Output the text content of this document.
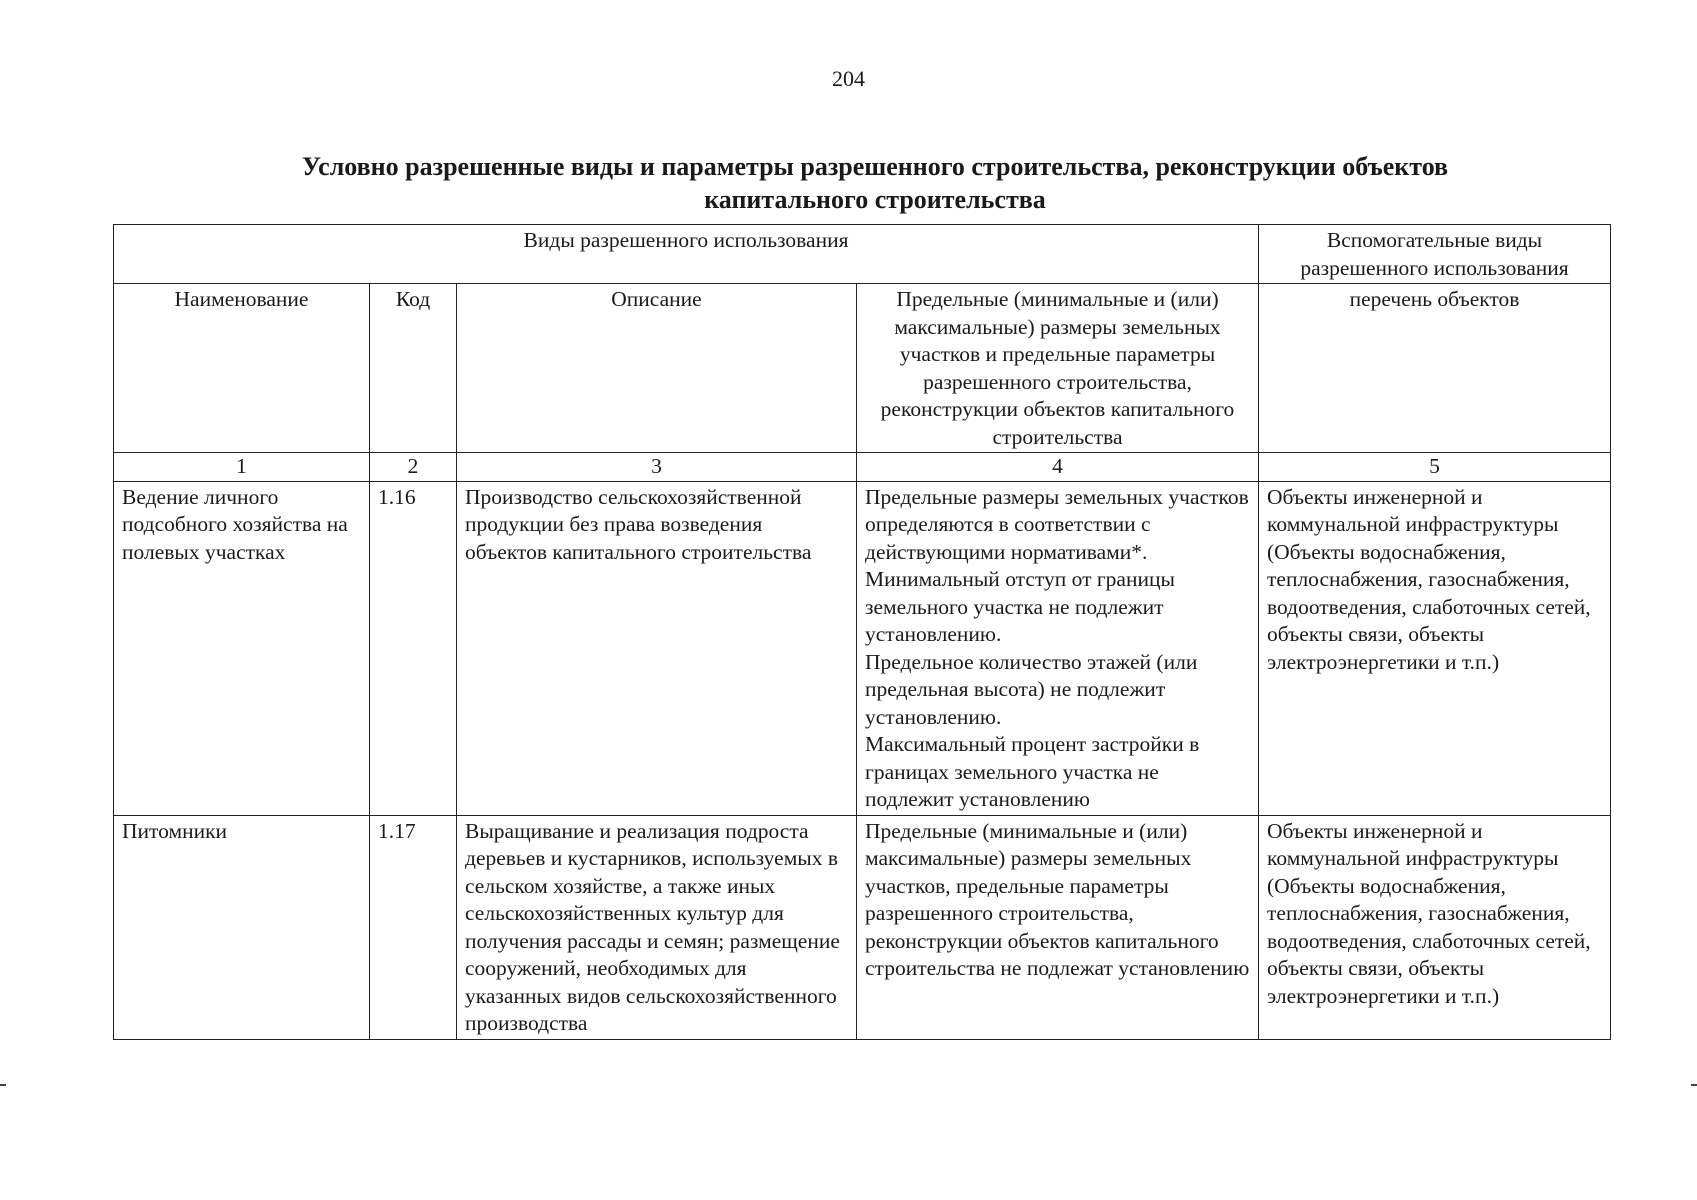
204
Условно разрешенные виды и параметры разрешенного строительства, реконструкции объектов
капитального строительства
Виды разрешенного использования				Вспомогательные виды разрешенного использования
Наименование	Код	Описание	Предельные (минимальные и (или) максимальные) размеры земельных участков и предельные параметры разрешенного строительства, реконструкции объектов капитального строительства	перечень объектов
1	2	3	4	5
Ведение личного подсобного хозяйства на полевых участках	1.16	Производство сельскохозяйственной продукции без права возведения объектов капитального строительства	Предельные размеры земельных участков определяются в соответствии с действующими нормативами*.
Минимальный отступ от границы земельного участка не подлежит установлению.
Предельное количество этажей (или предельная высота) не подлежит установлению.
Максимальный процент застройки в границах земельного участка не подлежит установлению	Объекты инженерной и коммунальной инфраструктуры (Объекты водоснабжения, теплоснабжения, газоснабжения, водоотведения, слаботочных сетей, объекты связи, объекты электроэнергетики и т.п.)
Питомники	1.17	Выращивание и реализация подроста деревьев и кустарников, используемых в сельском хозяйстве, а также иных сельскохозяйственных культур для получения рассады и семян; размещение сооружений, необходимых для указанных видов сельскохозяйственного производства	Предельные (минимальные и (или) максимальные) размеры земельных участков, предельные параметры разрешенного строительства, реконструкции объектов капитального строительства не подлежат установлению	Объекты инженерной и коммунальной инфраструктуры (Объекты водоснабжения, теплоснабжения, газоснабжения, водоотведения, слаботочных сетей, объекты связи, объекты электроэнергетики и т.п.)
